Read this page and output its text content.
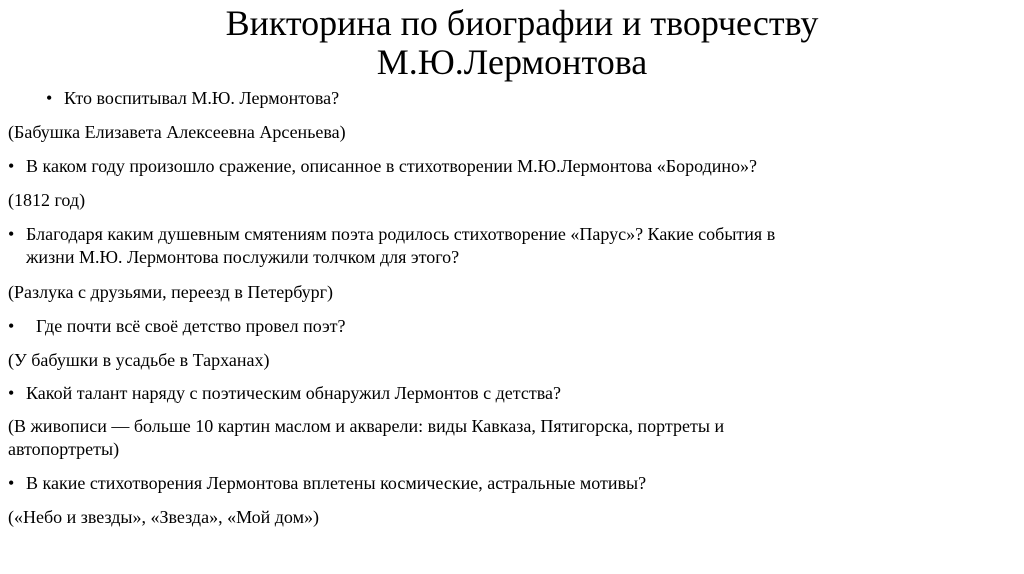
Викторина по биографии и творчеству
М.Ю.Лермонтова
• Кто воспитывал М.Ю. Лермонтова?
(Бабушка Елизавета Алексеевна Арсеньева)
• В каком году произошло сражение, описанное в стихотворении М.Ю.Лермонтова «Бородино»?
(1812 год)
• Благодаря каким душевным смятениям поэта родилось стихотворение «Парус»? Какие события в
жизни М.Ю. Лермонтова послужили толчком для этого?
(Разлука с друзьями, переезд в Петербург)
• Где почти всё своё детство провел поэт?
(У бабушки в усадьбе в Тарханах)
• Какой талант наряду с поэтическим обнаружил Лермонтов с детства?
(В живописи — больше 10 картин маслом и акварели: виды Кавказа, Пятигорска, портреты и
автопортреты)
• В какие стихотворения Лермонтова вплетены космические, астральные мотивы?
(«Небо и звезды», «Звезда», «Мой дом»)
